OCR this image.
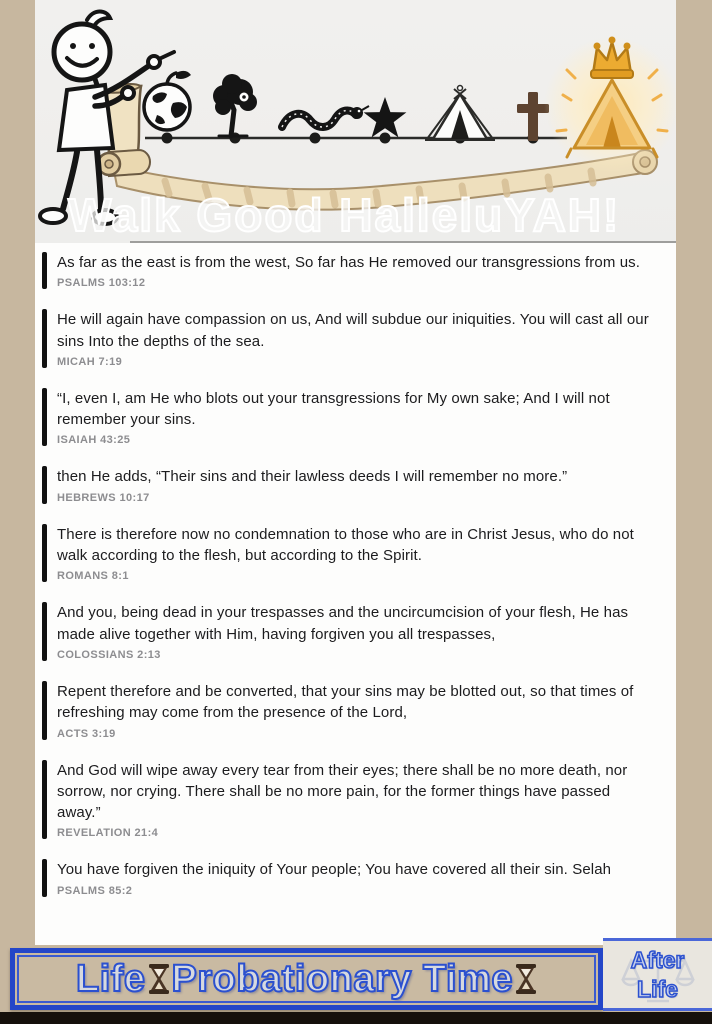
As far as the east is from the west, So far has He removed our transgressions from us.
PSALMS 103:12
He will again have compassion on us, And will subdue our iniquities. You will cast all our sins Into the depths of the sea.
MICAH 7:19
“I, even I, am He who blots out your transgressions for My own sake; And I will not remember your sins.
ISAIAH 43:25
then He adds, “Their sins and their lawless deeds I will remember no more.”
HEBREWS 10:17
There is therefore now no condemnation to those who are in Christ Jesus, who do not walk according to the flesh, but according to the Spirit.
ROMANS 8:1
And you, being dead in your trespasses and the uncircumcision of your flesh, He has made alive together with Him, having forgiven you all trespasses,
COLOSSIANS 2:13
Repent therefore and be converted, that your sins may be blotted out, so that times of refreshing may come from the presence of the Lord,
ACTS 3:19
And God will wipe away every tear from their eyes; there shall be no more death, nor sorrow, nor crying. There shall be no more pain, for the former things have passed away.”
REVELATION 21:4
You have forgiven the iniquity of Your people; You have covered all their sin. Selah
PSALMS 85:2
Walk Good HalleluYAH!
Life Probationary Time	After
Life
